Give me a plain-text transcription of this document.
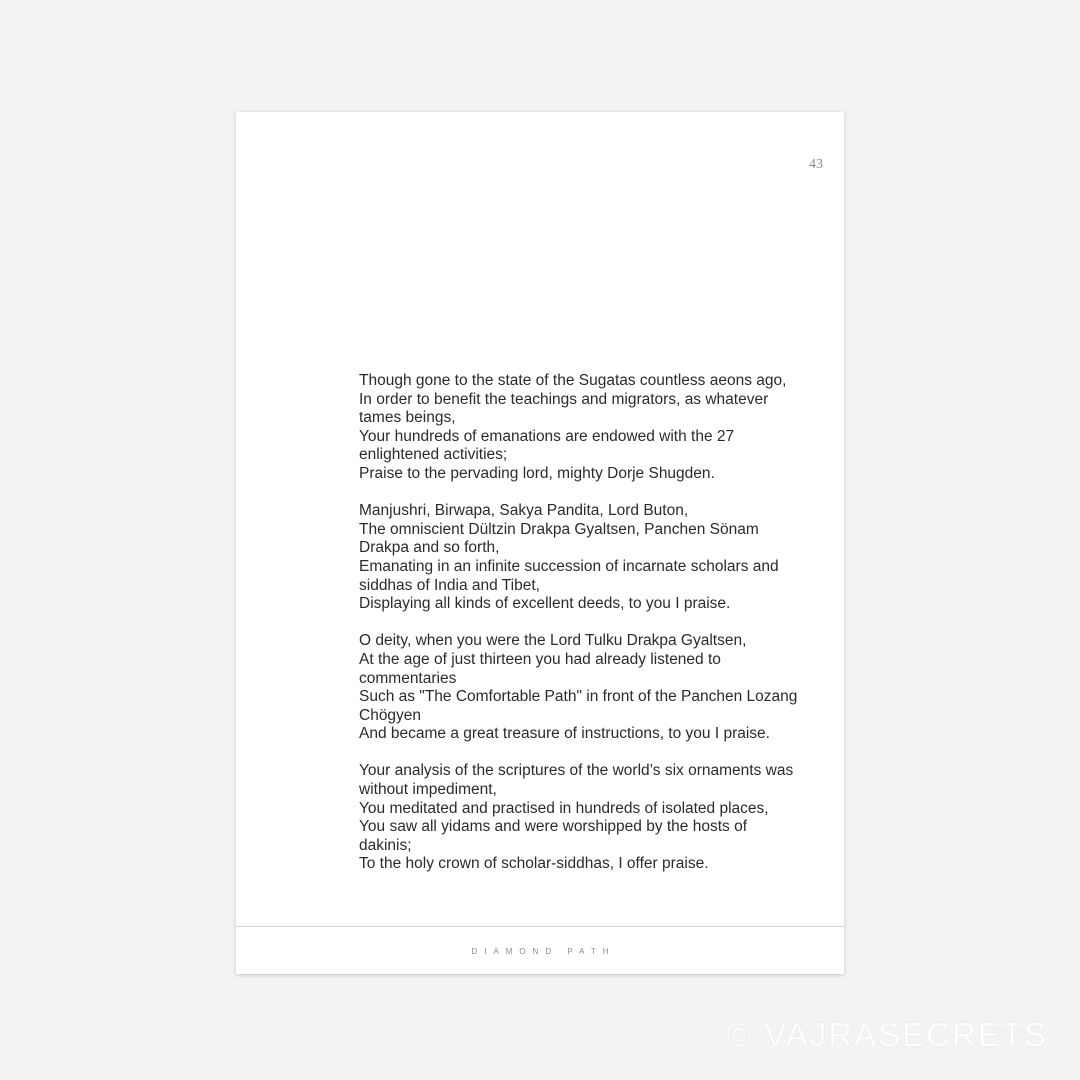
43
Though gone to the state of the Sugatas countless aeons ago,
In order to benefit the teachings and migrators, as whatever tames beings,
Your hundreds of emanations are endowed with the 27 enlightened activities;
Praise to the pervading lord, mighty Dorje Shugden.
Manjushri, Birwapa, Sakya Pandita, Lord Buton,
The omniscient Dültzin Drakpa Gyaltsen, Panchen Sönam Drakpa and so forth,
Emanating in an infinite succession of incarnate scholars and siddhas of India and Tibet,
Displaying all kinds of excellent deeds, to you I praise.
O deity, when you were the Lord Tulku Drakpa Gyaltsen,
At the age of just thirteen you had already listened to commentaries
Such as "The Comfortable Path" in front of the Panchen Lozang Chögyen
And became a great treasure of instructions, to you I praise.
Your analysis of the scriptures of the world’s six ornaments was without impediment,
You meditated and practised in hundreds of isolated places,
You saw all yidams and were worshipped by the hosts of dakinis;
To the holy crown of scholar-siddhas, I offer praise.
DIAMOND PATH
© VAJRASECRETS
